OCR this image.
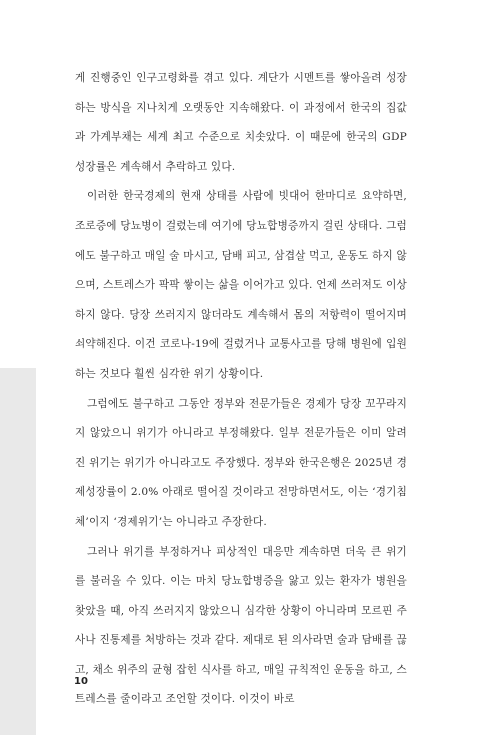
게 진행중인 인구고령화를 겪고 있다. 계단가 시멘트를 쌓아올려 성장하는 방식을 지나치게 오랫동안 지속해왔다. 이 과정에서 한국의 집값과 가계부채는 세계 최고 수준으로 치솟았다. 이 때문에 한국의 GDP 성장률은 계속해서 추락하고 있다.

이러한 한국경제의 현재 상태를 사람에 빗대어 한마디로 요약하면, 조로증에 당뇨병이 걸렸는데 여기에 당뇨합병증까지 걸린 상태다. 그럼에도 불구하고 매일 술 마시고, 담배 피고, 삼겹살 먹고, 운동도 하지 않으며, 스트레스가 팍팍 쌓이는 삶을 이어가고 있다. 언제 쓰러져도 이상하지 않다. 당장 쓰러지지 않더라도 계속해서 몸의 저항력이 떨어지며 쇠약해진다. 이건 코로나-19에 걸렸거나 교통사고를 당해 병원에 입원하는 것보다 훨씬 심각한 위기 상황이다.

그럼에도 불구하고 그동안 정부와 전문가들은 경제가 당장 꼬꾸라지지 않았으니 위기가 아니라고 부정해왔다. 일부 전문가들은 이미 알려진 위기는 위기가 아니라고도 주장했다. 정부와 한국은행은 2025년 경제성장률이 2.0% 아래로 떨어질 것이라고 전망하면서도, 이는 ‘경기침체’이지 ‘경제위기’는 아니라고 주장한다.

그러나 위기를 부정하거나 피상적인 대응만 계속하면 더욱 큰 위기를 불러올 수 있다. 이는 마치 당뇨합병증을 앓고 있는 환자가 병원을 찾았을 때, 아직 쓰러지지 않았으니 심각한 상황이 아니라며 모르핀 주사나 진통제를 처방하는 것과 같다. 제대로 된 의사라면 술과 담배를 끊고, 채소 위주의 균형 잡힌 식사를 하고, 매일 규칙적인 운동을 하고, 스트레스를 줄이라고 조언할 것이다. 이것이 바로

10
